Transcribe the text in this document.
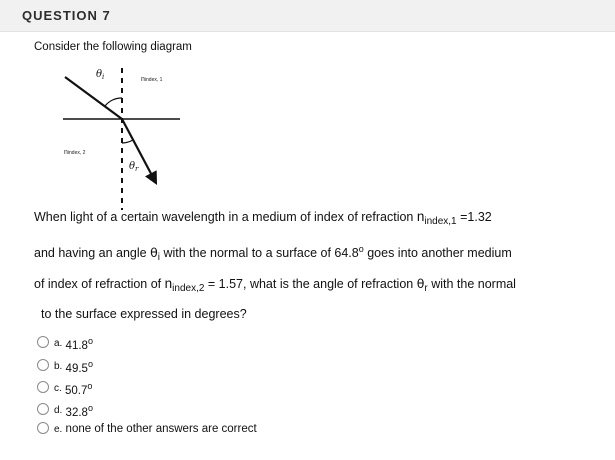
QUESTION 7
Consider the following diagram
$\theta_i$
$\theta_r$
nindex, 1
nindex, 2
When light of a certain wavelength in a medium of index of refraction $n_{index,1} =1.32$
and having an angle $\theta_i$ with the normal to a surface of 64.8$^o$ goes into another medium
of index of refraction of $n_{index,2} = 1.57$, what is the angle of refraction $\theta_r$ with the normal
to the surface expressed in degrees?
a. 41.8$^o$
b. 49.5$^o$
c. 50.7$^o$
d. 32.8$^o$
e. none of the other answers are correct
